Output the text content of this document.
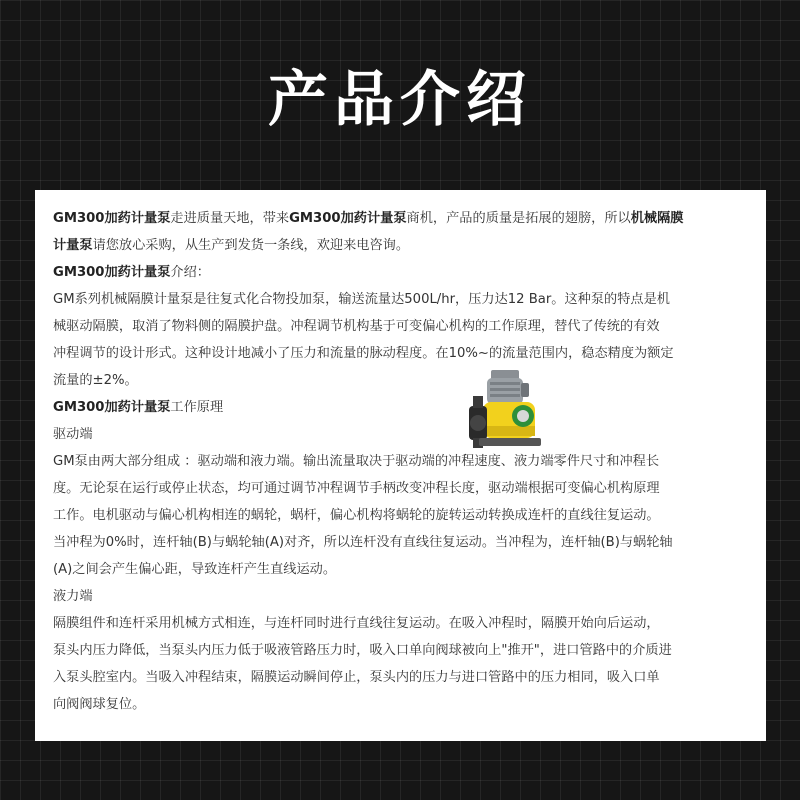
产品介绍
GM300加药计量泵走进质量天地，带来GM300加药计量泵商机，产品的质量是拓展的翅膀，所以机械隔膜
计量泵请您放心采购，从生产到发货一条线，欢迎来电咨询。
GM300加药计量泵介绍：
GM系列机械隔膜计量泵是往复式化合物投加泵，输送流量达500L/hr，压力达12 Bar。这种泵的特点是机
械驱动隔膜，取消了物料侧的隔膜护盘。冲程调节机构基于可变偏心机构的工作原理，替代了传统的有效
冲程调节的设计形式。这种设计地减小了压力和流量的脉动程度。在10%~的流量范围内，稳态精度为额定
流量的±2%。
GM300加药计量泵工作原理
驱动端
GM泵由两大部分组成 ：驱动端和液力端。输出流量取决于驱动端的冲程速度、液力端零件尺寸和冲程长
度。无论泵在运行或停止状态，均可通过调节冲程调节手柄改变冲程长度，驱动端根据可变偏心机构原理
工作。电机驱动与偏心机构相连的蜗轮，蜗杆，偏心机构将蜗轮的旋转运动转换成连杆的直线往复运动。
当冲程为0%时，连杆轴(B)与蜗轮轴(A)对齐，所以连杆没有直线往复运动。当冲程为，连杆轴(B)与蜗轮轴
(A)之间会产生偏心距，导致连杆产生直线运动。
液力端
隔膜组件和连杆采用机械方式相连，与连杆同时进行直线往复运动。在吸入冲程时，隔膜开始向后运动，
泵头内压力降低，当泵头内压力低于吸液管路压力时，吸入口单向阀球被向上"推开"，进口管路中的介质进
入泵头腔室内。当吸入冲程结束，隔膜运动瞬间停止，泵头内的压力与进口管路中的压力相同，吸入口单
向阀阀球复位。
